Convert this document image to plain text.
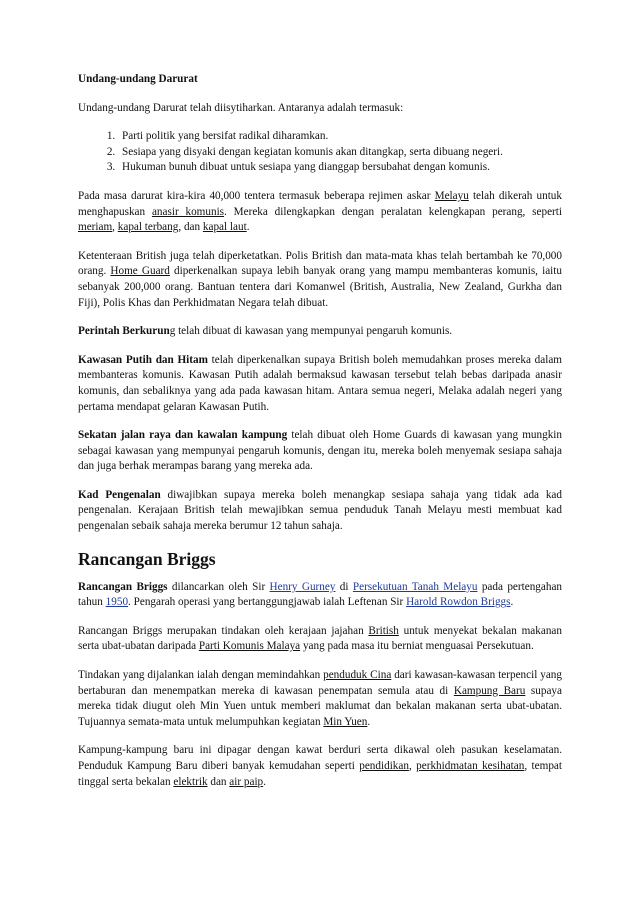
Undang-undang Darurat

Undang-undang Darurat telah diisytiharkan. Antaranya adalah termasuk:

1. Parti politik yang bersifat radikal diharamkan.
2. Sesiapa yang disyaki dengan kegiatan komunis akan ditangkap, serta dibuang negeri.
3. Hukuman bunuh dibuat untuk sesiapa yang dianggap bersubahat dengan komunis.

Pada masa darurat kira-kira 40,000 tentera termasuk beberapa rejimen askar Melayu telah dikerah untuk menghapuskan anasir komunis. Mereka dilengkapkan dengan peralatan kelengkapan perang, seperti meriam, kapal terbang, dan kapal laut.

Ketenteraan British juga telah diperketatkan. Polis British dan mata-mata khas telah bertambah ke 70,000 orang. Home Guard diperkenalkan supaya lebih banyak orang yang mampu membanteras komunis, iaitu sebanyak 200,000 orang. Bantuan tentera dari Komanwel (British, Australia, New Zealand, Gurkha dan Fiji), Polis Khas dan Perkhidmatan Negara telah dibuat.

Perintah Berkurung telah dibuat di kawasan yang mempunyai pengaruh komunis.

Kawasan Putih dan Hitam telah diperkenalkan supaya British boleh memudahkan proses mereka dalam membanteras komunis. Kawasan Putih adalah bermaksud kawasan tersebut telah bebas daripada anasir komunis, dan sebaliknya yang ada pada kawasan hitam. Antara semua negeri, Melaka adalah negeri yang pertama mendapat gelaran Kawasan Putih.

Sekatan jalan raya dan kawalan kampung telah dibuat oleh Home Guards di kawasan yang mungkin sebagai kawasan yang mempunyai pengaruh komunis, dengan itu, mereka boleh menyemak sesiapa sahaja dan juga berhak merampas barang yang mereka ada.

Kad Pengenalan diwajibkan supaya mereka boleh menangkap sesiapa sahaja yang tidak ada kad pengenalan. Kerajaan British telah mewajibkan semua penduduk Tanah Melayu mesti membuat kad pengenalan sebaik sahaja mereka berumur 12 tahun sahaja.

Rancangan Briggs

Rancangan Briggs dilancarkan oleh Sir Henry Gurney di Persekutuan Tanah Melayu pada pertengahan tahun 1950. Pengarah operasi yang bertanggungjawab ialah Leftenan Sir Harold Rowdon Briggs.

Rancangan Briggs merupakan tindakan oleh kerajaan jajahan British untuk menyekat bekalan makanan serta ubat-ubatan daripada Parti Komunis Malaya yang pada masa itu berniat menguasai Persekutuan.

Tindakan yang dijalankan ialah dengan memindahkan penduduk Cina dari kawasan-kawasan terpencil yang bertaburan dan menempatkan mereka di kawasan penempatan semula atau di Kampung Baru supaya mereka tidak diugut oleh Min Yuen untuk memberi maklumat dan bekalan makanan serta ubat-ubatan. Tujuannya semata-mata untuk melumpuhkan kegiatan Min Yuen.

Kampung-kampung baru ini dipagar dengan kawat berduri serta dikawal oleh pasukan keselamatan. Penduduk Kampung Baru diberi banyak kemudahan seperti pendidikan, perkhidmatan kesihatan, tempat tinggal serta bekalan elektrik dan air paip.
